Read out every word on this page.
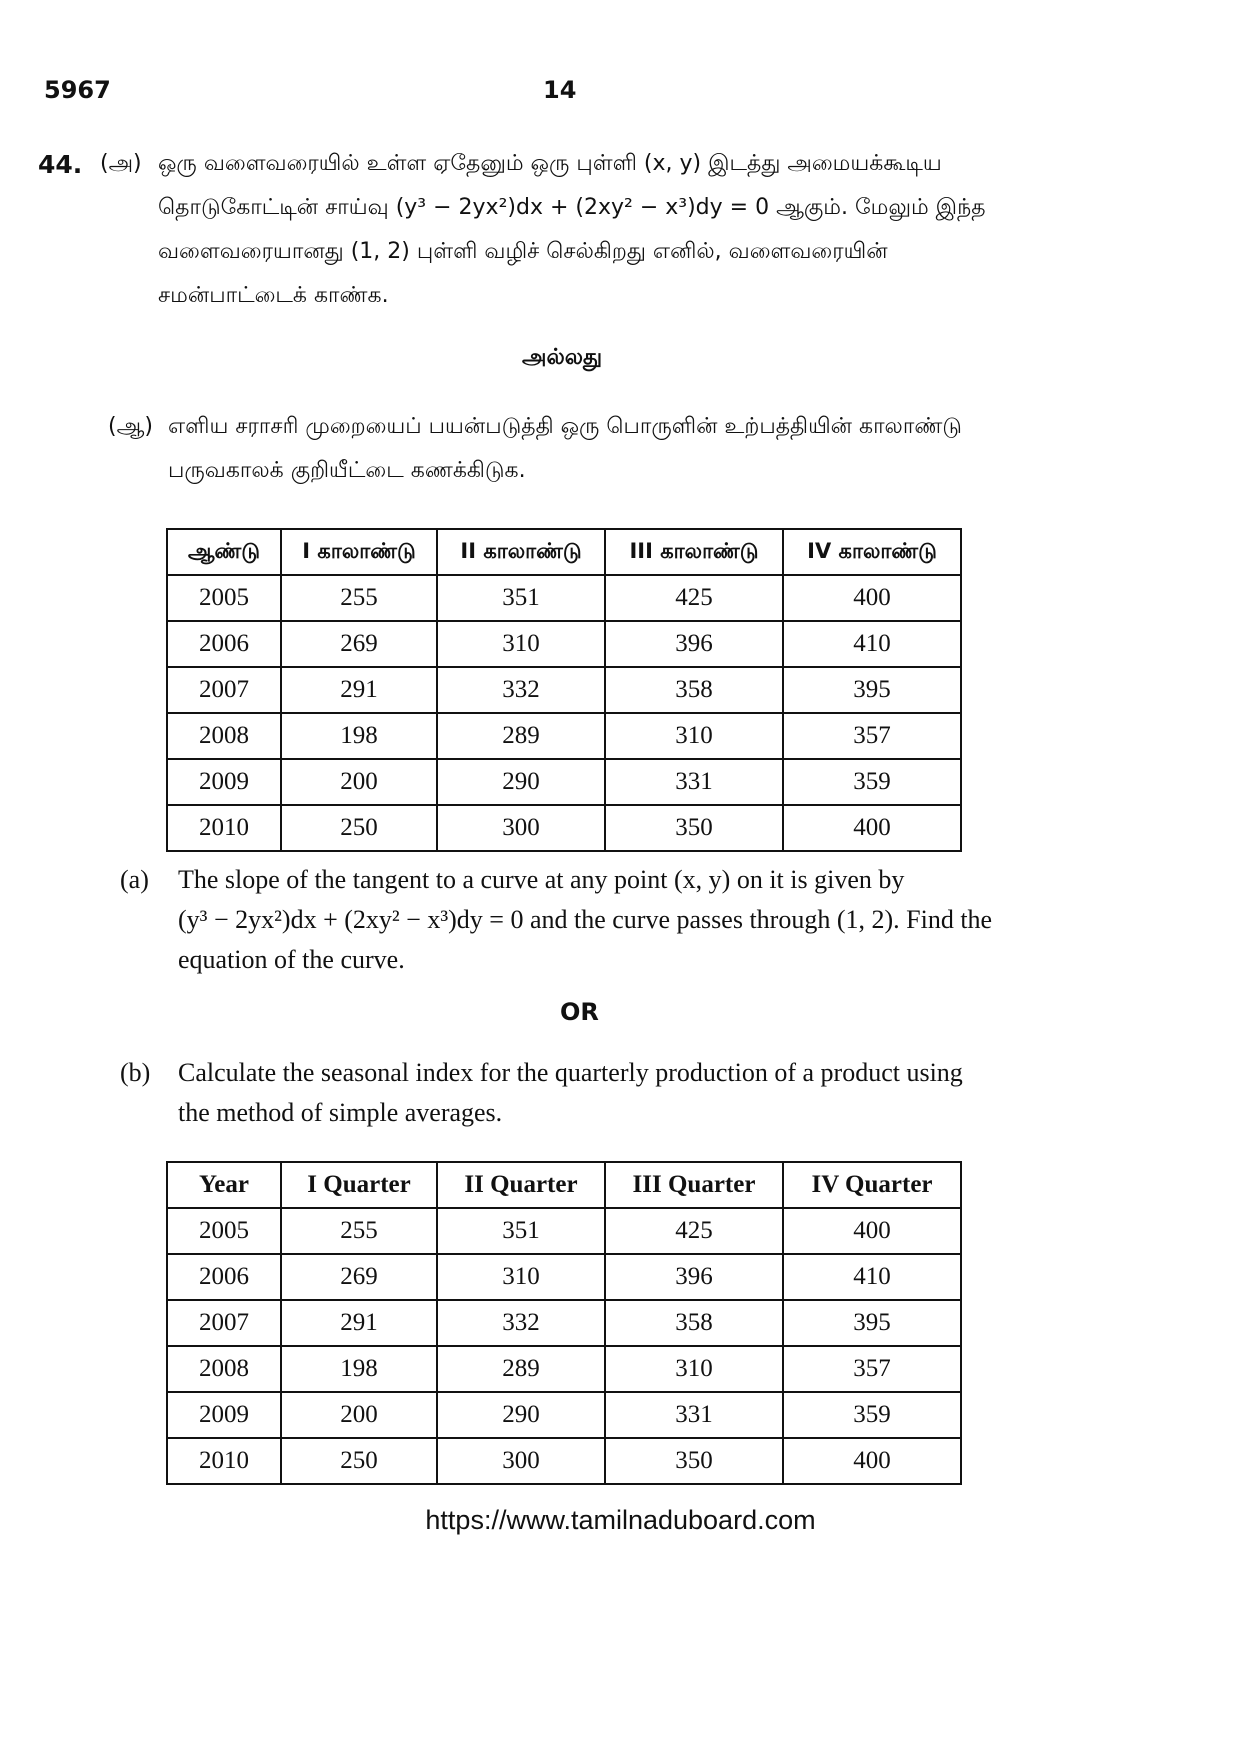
5967	14
44. (அ) ஒரு வளைவரையில் உள்ள ஏதேனும் ஒரு புள்ளி (x, y) இடத்து அமையக்கூடிய
தொடுகோட்டின் சாய்வு (y³ − 2yx²)dx + (2xy² − x³)dy = 0 ஆகும். மேலும் இந்த
வளைவரையானது (1, 2) புள்ளி வழிச் செல்கிறது எனில், வளைவரையின்
சமன்பாட்டைக் காண்க.
அல்லது
(ஆ) எளிய சராசரி முறையைப் பயன்படுத்தி ஒரு பொருளின் உற்பத்தியின் காலாண்டு
பருவகாலக் குறியீட்டை கணக்கிடுக.
ஆண்டு	I காலாண்டு	II காலாண்டு	III காலாண்டு	IV காலாண்டு
2005	255	351	425	400
2006	269	310	396	410
2007	291	332	358	395
2008	198	289	310	357
2009	200	290	331	359
2010	250	300	350	400
(a) The slope of the tangent to a curve at any point (x, y) on it is given by
(y³ − 2yx²)dx + (2xy² − x³)dy = 0 and the curve passes through (1, 2). Find the
equation of the curve.
OR
(b) Calculate the seasonal index for the quarterly production of a product using
the method of simple averages.
Year	I Quarter	II Quarter	III Quarter	IV Quarter
2005	255	351	425	400
2006	269	310	396	410
2007	291	332	358	395
2008	198	289	310	357
2009	200	290	331	359
2010	250	300	350	400
https://www.tamilnaduboard.com
